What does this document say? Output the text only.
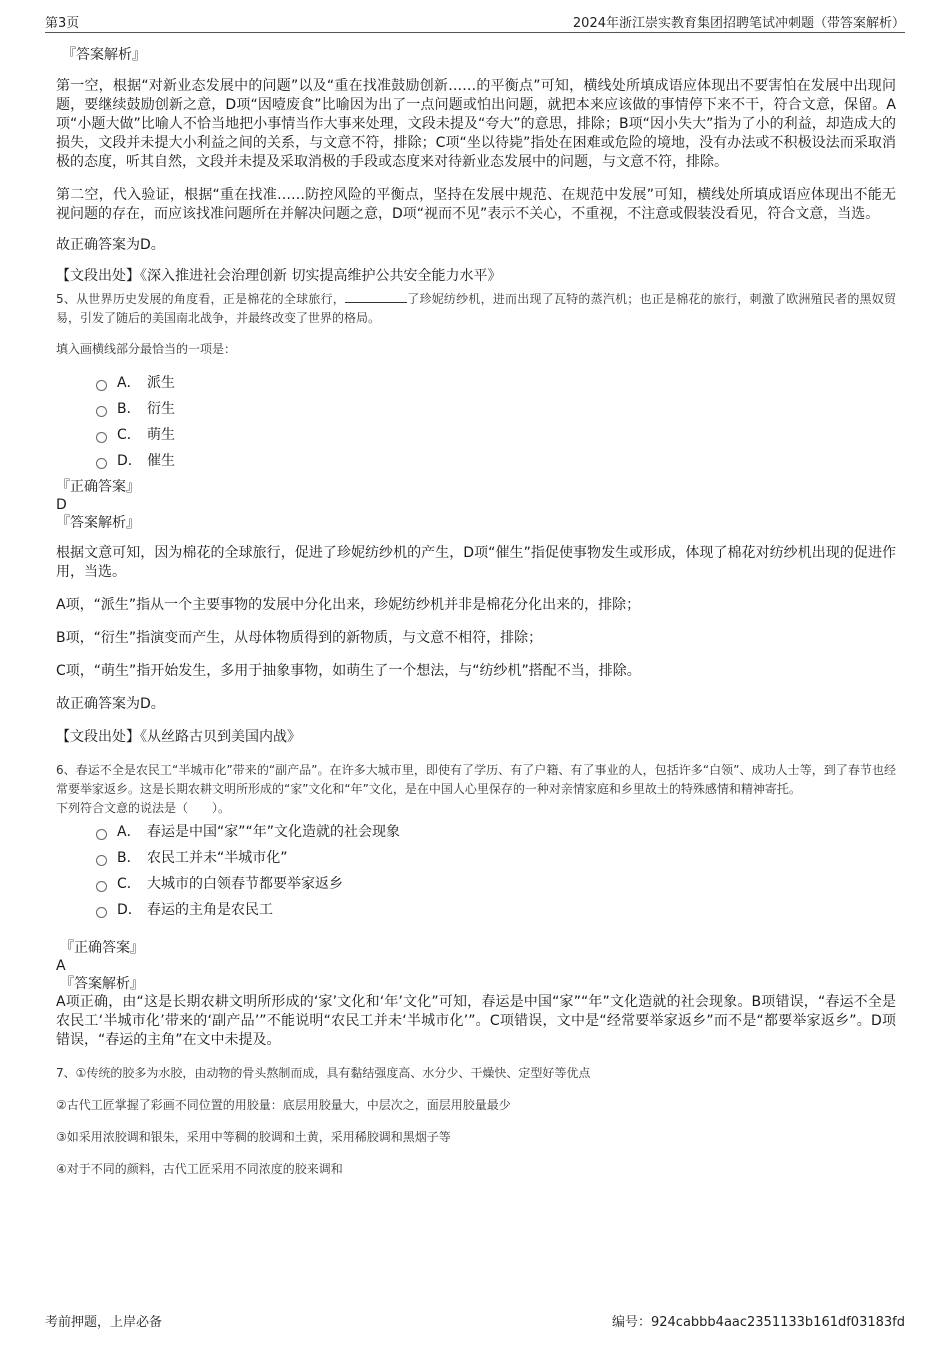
第3页	2024年浙江崇实教育集团招聘笔试冲刺题（带答案解析）
『答案解析』

第一空，根据“对新业态发展中的问题”以及“重在找准鼓励创新……的平衡点”可知，横线处所填成语应体现出不要害怕在发展中出现问题，要继续鼓励创新之意，D项“因噎废食”比喻因为出了一点问题或怕出问题，就把本来应该做的事情停下来不干，符合文意，保留。A项“小题大做”比喻人不恰当地把小事情当作大事来处理，文段未提及“夸大”的意思，排除；B项“因小失大”指为了小的利益，却造成大的损失，文段并未提大小利益之间的关系，与文意不符，排除；C项“坐以待毙”指处在困难或危险的境地，没有办法或不积极设法而采取消极的态度，听其自然，文段并未提及采取消极的手段或态度来对待新业态发展中的问题，与文意不符，排除。

第二空，代入验证，根据“重在找准……防控风险的平衡点，坚持在发展中规范、在规范中发展”可知，横线处所填成语应体现出不能无视问题的存在，而应该找准问题所在并解决问题之意，D项“视而不见”表示不关心，不重视，不注意或假装没看见，符合文意，当选。

故正确答案为D。

【文段出处】《深入推进社会治理创新 切实提高维护公共安全能力水平》

5、从世界历史发展的角度看，正是棉花的全球旅行，	了珍妮纺纱机，进而出现了瓦特的蒸汽机；也正是棉花的旅行，刺激了欧洲殖民者的黑奴贸易，引发了随后的美国南北战争，并最终改变了世界的格局。

填入画横线部分最恰当的一项是：

A． 派生
B． 衍生
C． 萌生
D． 催生
『正确答案』
D
『答案解析』

根据文意可知，因为棉花的全球旅行，促进了珍妮纺纱机的产生，D项“催生”指促使事物发生或形成，体现了棉花对纺纱机出现的促进作用，当选。

A项，“派生”指从一个主要事物的发展中分化出来，珍妮纺纱机并非是棉花分化出来的，排除；

B项，“衍生”指演变而产生，从母体物质得到的新物质，与文意不相符，排除；

C项，“萌生”指开始发生，多用于抽象事物，如萌生了一个想法，与“纺纱机”搭配不当，排除。

故正确答案为D。

【文段出处】《从丝路古贝到美国内战》

6、春运不全是农民工“半城市化”带来的“副产品”。在许多大城市里，即使有了学历、有了户籍、有了事业的人，包括许多“白领”、成功人士等，到了春节也经常要举家返乡。这是长期农耕文明所形成的“家”文化和“年”文化，是在中国人心里保存的一种对亲情家庭和乡里故土的特殊感情和精神寄托。

下列符合文意的说法是（　　）。

A． 春运是中国“家”“年”文化造就的社会现象
B． 农民工并未“半城市化”
C． 大城市的白领春节都要举家返乡
D． 春运的主角是农民工
『正确答案』
A
『答案解析』

A项正确，由“这是长期农耕文明所形成的‘家’文化和‘年’文化”可知，春运是中国“家”“年”文化造就的社会现象。B项错误，“春运不全是农民工‘半城市化’带来的‘副产品’”不能说明“农民工并未‘半城市化’”。C项错误，文中是“经常要举家返乡”而不是“都要举家返乡”。D项错误，“春运的主角”在文中未提及。

7、①传统的胶多为水胶，由动物的骨头熬制而成，具有黏结强度高、水分少、干燥快、定型好等优点

②古代工匠掌握了彩画不同位置的用胶量：底层用胶量大，中层次之，面层用胶量最少

③如采用浓胶调和银朱，采用中等稠的胶调和土黄，采用稀胶调和黑烟子等

④对于不同的颜料，古代工匠采用不同浓度的胶来调和

考前押题，上岸必备	编号：924cabbb4aac2351133b161df03183fd
